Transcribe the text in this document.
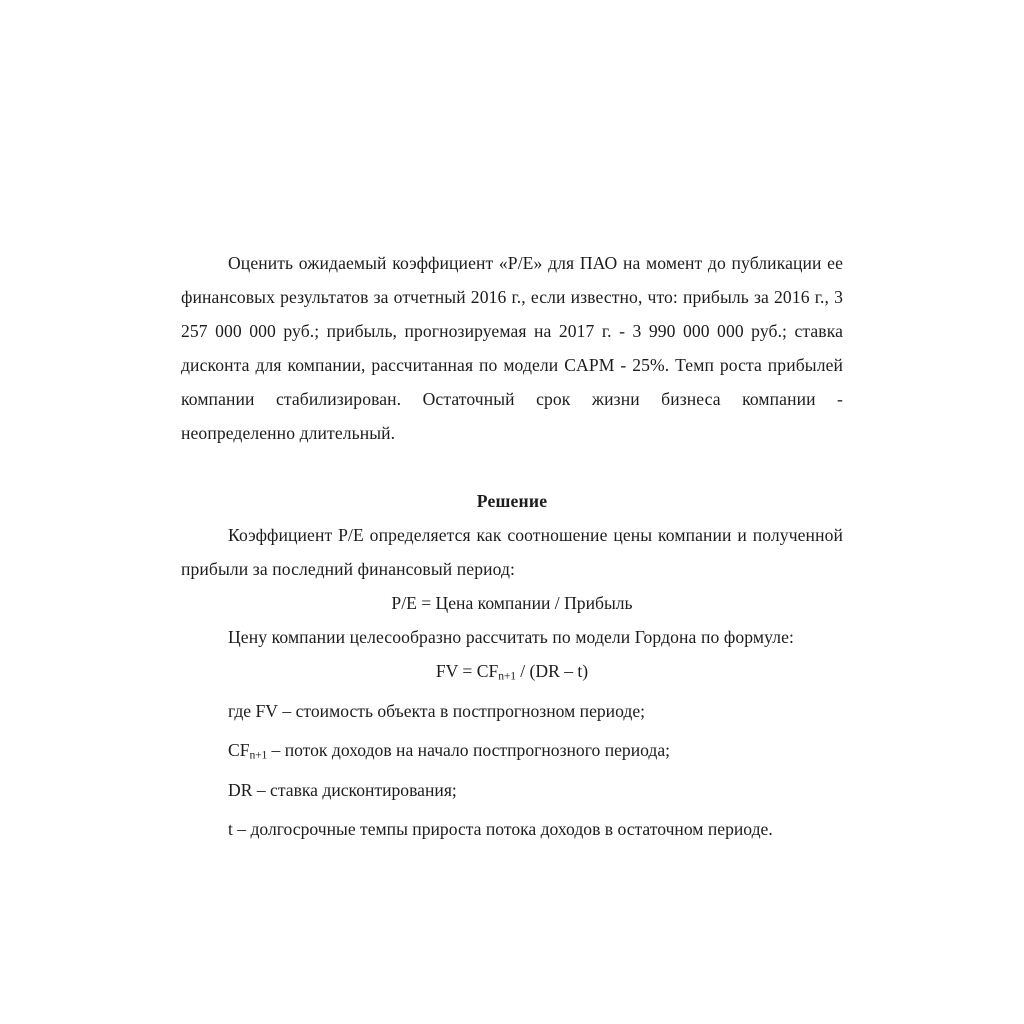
Оценить ожидаемый коэффициент «P/E» для ПАО на момент до публикации ее финансовых результатов за отчетный 2016 г., если известно, что: прибыль за 2016 г., 3 257 000 000 руб.; прибыль, прогнозируемая на 2017 г. - 3 990 000 000 руб.; ставка дисконта для компании, рассчитанная по модели CAPM - 25%. Темп роста прибылей компании стабилизирован. Остаточный срок жизни бизнеса компании - неопределенно длительный.

Решение

Коэффициент P/E определяется как соотношение цены компании и полученной прибыли за последний финансовый период:

P/E = Цена компании / Прибыль

Цену компании целесообразно рассчитать по модели Гордона по формуле:

FV = $CF_{n+1} / (DR - t)$

где FV – стоимость объекта в постпрогнозном периоде;
$CF_{n+1}$ – поток доходов на начало постпрогнозного периода;
DR – ставка дисконтирования;
t – долгосрочные темпы прироста потока доходов в остаточном периоде.
